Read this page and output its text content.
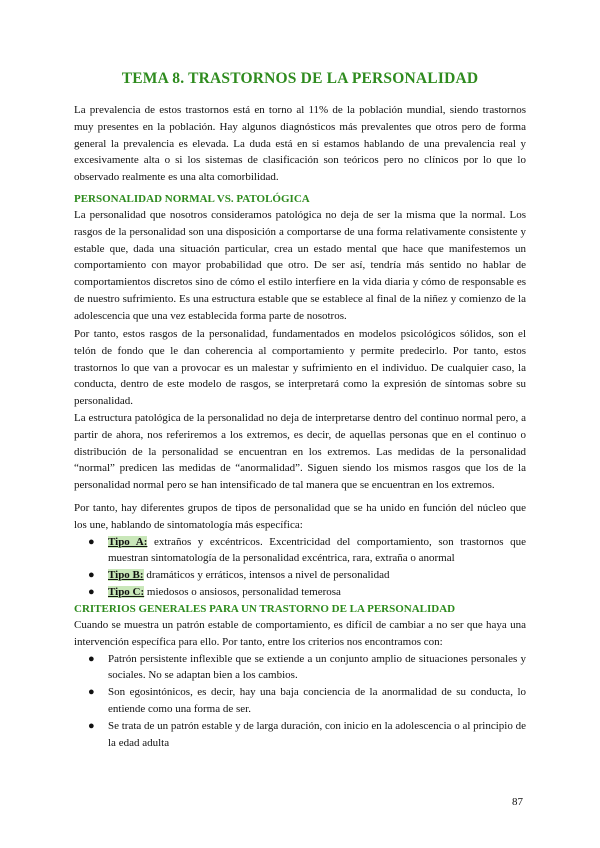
TEMA 8. TRASTORNOS DE LA PERSONALIDAD

La prevalencia de estos trastornos está en torno al 11% de la población mundial, siendo trastornos muy presentes en la población. Hay algunos diagnósticos más prevalentes que otros pero de forma general la prevalencia es elevada. La duda está en si estamos hablando de una prevalencia real y excesivamente alta o si los sistemas de clasificación son teóricos pero no clínicos por lo que lo observado realmente es una alta comorbilidad.

PERSONALIDAD NORMAL VS. PATOLÓGICA

La personalidad que nosotros consideramos patológica no deja de ser la misma que la normal. Los rasgos de la personalidad son una disposición a comportarse de una forma relativamente consistente y estable que, dada una situación particular, crea un estado mental que hace que manifestemos un comportamiento con mayor probabilidad que otro. De ser así, tendría más sentido no hablar de comportamientos discretos sino de cómo el estilo interfiere en la vida diaria y cómo de responsable es de nuestro sufrimiento. Es una estructura estable que se establece al final de la niñez y comienzo de la adolescencia que una vez establecida forma parte de nosotros.

Por tanto, estos rasgos de la personalidad, fundamentados en modelos psicológicos sólidos, son el telón de fondo que le dan coherencia al comportamiento y permite predecirlo. Por tanto, estos trastornos lo que van a provocar es un malestar y sufrimiento en el individuo. De cualquier caso, la conducta, dentro de este modelo de rasgos, se interpretará como la expresión de síntomas sobre su personalidad.

La estructura patológica de la personalidad no deja de interpretarse dentro del continuo normal pero, a partir de ahora, nos referiremos a los extremos, es decir, de aquellas personas que en el continuo o distribución de la personalidad se encuentran en los extremos. Las medidas de la personalidad “normal” predicen las medidas de “anormalidad”. Siguen siendo los mismos rasgos que los de la personalidad normal pero se han intensificado de tal manera que se encuentran en los extremos.

Por tanto, hay diferentes grupos de tipos de personalidad que se ha unido en función del núcleo que los une, hablando de sintomatología más específica:

● Tipo A: extraños y excéntricos. Excentricidad del comportamiento, son trastornos que muestran sintomatología de la personalidad excéntrica, rara, extraña o anormal
● Tipo B: dramáticos y erráticos, intensos a nivel de personalidad
● Tipo C: miedosos o ansiosos, personalidad temerosa
CRITERIOS GENERALES PARA UN TRASTORNO DE LA PERSONALIDAD

Cuando se muestra un patrón estable de comportamiento, es difícil de cambiar a no ser que haya una intervención específica para ello. Por tanto, entre los criterios nos encontramos con:

● Patrón persistente inflexible que se extiende a un conjunto amplio de situaciones personales y sociales. No se adaptan bien a los cambios.
● Son egosintónicos, es decir, hay una baja conciencia de la anormalidad de su conducta, lo entiende como una forma de ser.
● Se trata de un patrón estable y de larga duración, con inicio en la adolescencia o al principio de la edad adulta
87
